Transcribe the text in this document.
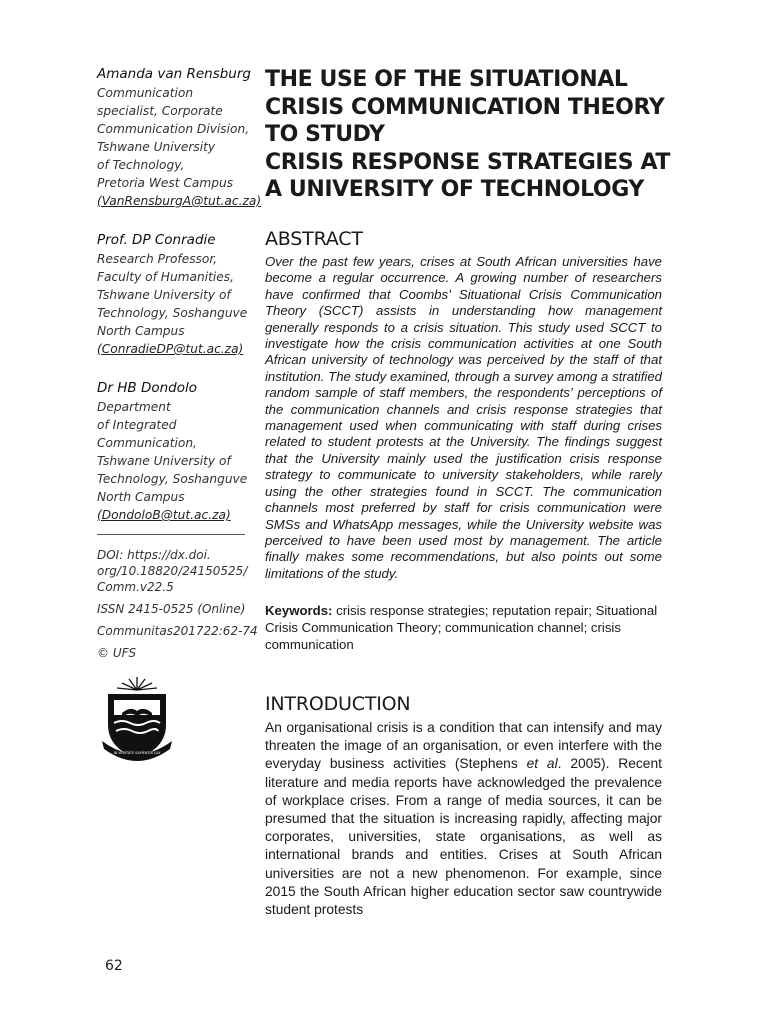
Amanda van Rensburg
Communication
specialist, Corporate
Communication Division,
Tshwane University
of Technology,
Pretoria West Campus
(VanRensburgA@tut.ac.za)
Prof. DP Conradie
Research Professor,
Faculty of Humanities,
Tshwane University of
Technology, Soshanguve
North Campus
(ConradieDP@tut.ac.za)
Dr HB Dondolo
Department
of Integrated
Communication,
Tshwane University of
Technology, Soshanguve
North Campus
(DondoloB@tut.ac.za)
DOI: https://dx.doi.
org/10.18820/24150525/
Comm.v22.5
ISSN 2415-0525 (Online)
Communitas201722:62-74
© UFS
IN VERITATE SAPIENTIA LUX
THE USE OF THE SITUATIONAL
CRISIS COMMUNICATION THEORY
TO STUDY
CRISIS RESPONSE STRATEGIES AT
A UNIVERSITY OF TECHNOLOGY
ABSTRACT

Over the past few years, crises at South African universities have become a regular occurrence. A growing number of researchers have confirmed that Coombs’ Situational Crisis Communication Theory (SCCT) assists in understanding how management generally responds to a crisis situation. This study used SCCT to investigate how the crisis communication activities at one South African university of technology was perceived by the staff of that institution. The study examined, through a survey among a stratified random sample of staff members, the respondents’ perceptions of the communication channels and crisis response strategies that management used when communicating with staff during crises related to student protests at the University. The findings suggest that the University mainly used the justification crisis response strategy to communicate to university stakeholders, while rarely using the other strategies found in SCCT. The communication channels most preferred by staff for crisis communication were SMSs and WhatsApp messages, while the University website was perceived to have been used most by management. The article finally makes some recommendations, but also points out some limitations of the study.

Keywords: crisis response strategies; reputation repair; Situational Crisis Communication Theory; communication channel; crisis communication

INTRODUCTION

An organisational crisis is a condition that can intensify and may threaten the image of an organisation, or even interfere with the everyday business activities (Stephens et al. 2005). Recent literature and media reports have acknowledged the prevalence of workplace crises. From a range of media sources, it can be presumed that the situation is increasing rapidly, affecting major corporates, universities, state organisations, as well as international brands and entities. Crises at South African universities are not a new phenomenon. For example, since 2015 the South African higher education sector saw countrywide student protests

62
